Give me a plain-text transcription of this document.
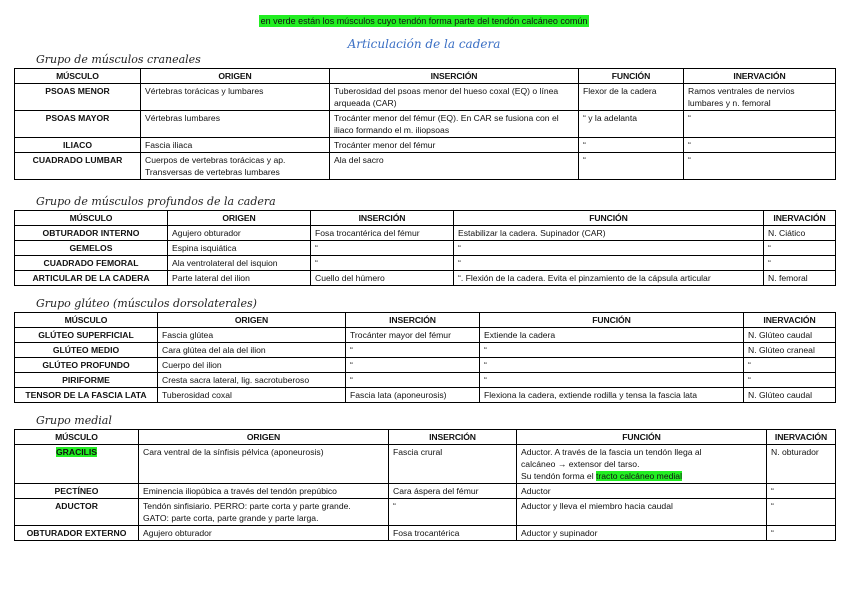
en verde están los músculos cuyo tendón forma parte del tendón calcáneo común
Articulación de la cadera
Grupo de músculos craneales
MÚSCULO	ORIGEN	INSERCIÓN	FUNCIÓN	INERVACIÓN
PSOAS MENOR	Vértebras torácicas y lumbares	Tuberosidad del psoas menor del hueso coxal (EQ) o línea arqueada (CAR)	Flexor de la cadera	Ramos ventrales de nervios lumbares y n. femoral
PSOAS MAYOR	Vértebras lumbares	Trocánter menor del fémur (EQ). En CAR se fusiona con el iliaco formando el m. iliopsoas	“ y la adelanta	“
ILIACO	Fascia iliaca	Trocánter menor del fémur	“	“
CUADRADO LUMBAR	Cuerpos de vertebras torácicas y ap. Transversas de vertebras lumbares	Ala del sacro	“	“
Grupo de músculos profundos de la cadera
MÚSCULO	ORIGEN	INSERCIÓN	FUNCIÓN	INERVACIÓN
OBTURADOR INTERNO	Agujero obturador	Fosa trocantérica del fémur	Estabilizar la cadera. Supinador (CAR)	N. Ciático
GEMELOS	Espina isquiática	“	“	“
CUADRADO FEMORAL	Ala ventrolateral del isquion	“	“	“
ARTICULAR DE LA CADERA	Parte lateral del ilion	Cuello del húmero	“. Flexión de la cadera. Evita el pinzamiento de la cápsula articular	N. femoral
Grupo glúteo (músculos dorsolaterales)
MÚSCULO	ORIGEN	INSERCIÓN	FUNCIÓN	INERVACIÓN
GLÚTEO SUPERFICIAL	Fascia glútea	Trocánter mayor del fémur	Extiende la cadera	N. Glúteo caudal
GLÚTEO MEDIO	Cara glútea del ala del ilion	“	“	N. Glúteo craneal
GLÚTEO PROFUNDO	Cuerpo del ilion	“	“	“
PIRIFORME	Cresta sacra lateral, lig. sacrotuberoso	“	“	“
TENSOR DE LA FASCIA LATA	Tuberosidad coxal	Fascia lata (aponeurosis)	Flexiona la cadera, extiende rodilla y tensa la fascia lata	N. Glúteo caudal
Grupo medial
MÚSCULO	ORIGEN	INSERCIÓN	FUNCIÓN	INERVACIÓN
GRACILIS	Cara ventral de la sínfisis pélvica (aponeurosis)	Fascia crural	Aductor. A través de la fascia un tendón llega al
calcáneo → extensor del tarso.
Su tendón forma el tracto calcáneo medial	N. obturador
PECTÍNEO	Eminencia iliopúbica a través del tendón prepúbico	Cara áspera del fémur	Aductor	“
ADUCTOR	Tendón sinfisiario. PERRO: parte corta y parte grande.
GATO: parte corta, parte grande y parte larga.	“	Aductor y lleva el miembro hacia caudal	“
OBTURADOR EXTERNO	Agujero obturador	Fosa trocantérica	Aductor y supinador	“
